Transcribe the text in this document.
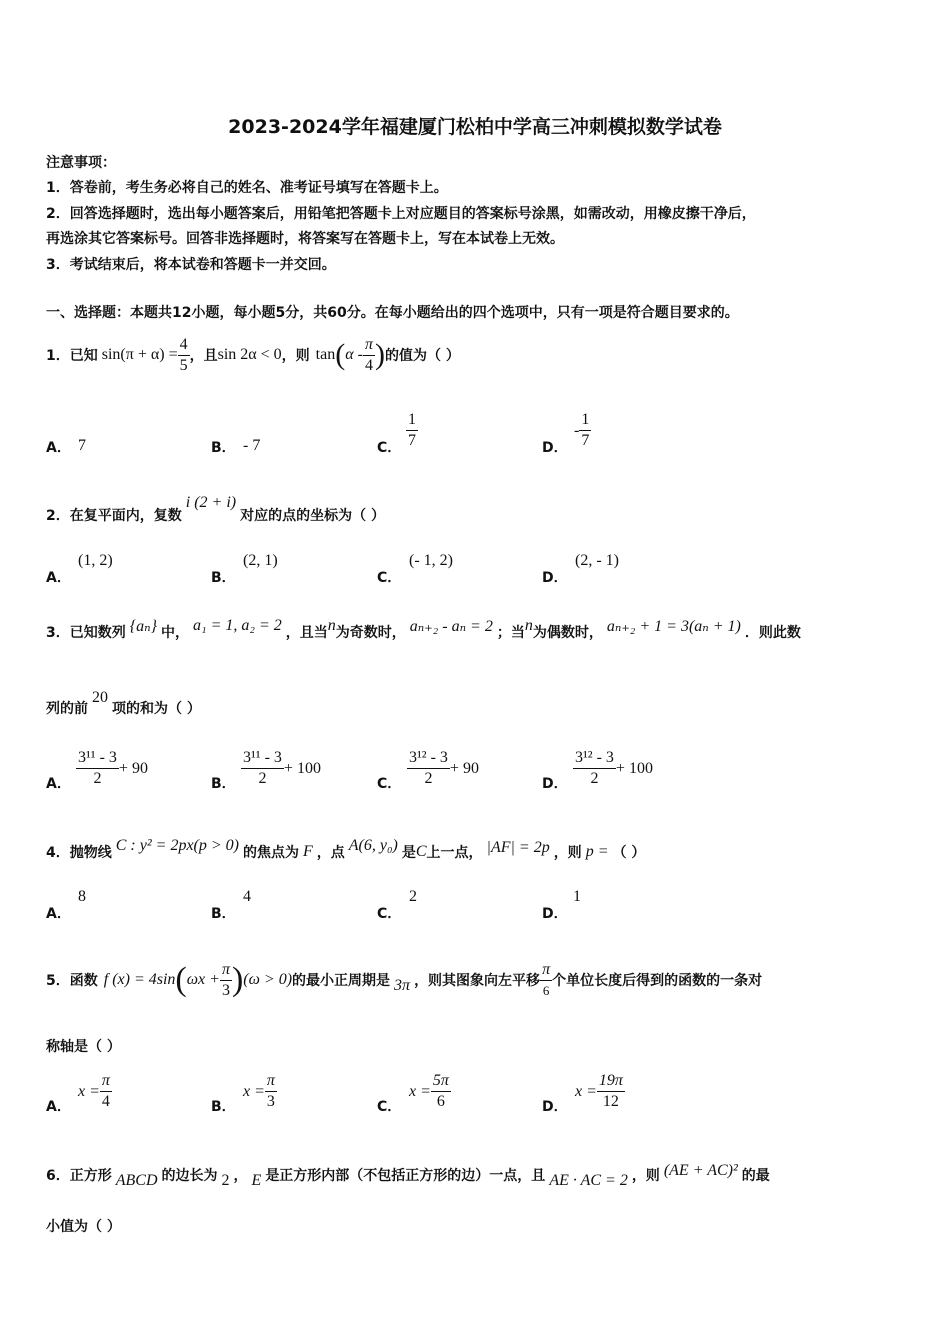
2023-2024学年福建厦门松柏中学高三冲刺模拟数学试卷
注意事项：
1．答卷前，考生务必将自己的姓名、准考证号填写在答题卡上。
2．回答选择题时，选出每小题答案后，用铅笔把答题卡上对应题目的答案标号涂黑，如需改动，用橡皮擦干净后，
再选涂其它答案标号。回答非选择题时，将答案写在答题卡上，写在本试卷上无效。
3．考试结束后，将本试卷和答题卡一并交回。
一、选择题：本题共12小题，每小题5分，共60分。在每小题给出的四个选项中，只有一项是符合题目要求的。
1．已知 $\sin(\pi + \alpha) = \frac{4}{5}$ ，且 sin 2α < 0 ，则 tan ( α - $\frac{\pi}{4}$ ) 的值为（ ）
A． 7	B． - 7	C． $\frac{1}{7}$	D．
- $\frac{1}{7}$
2．在复平面内，复数
i (2 + i)
对应的点的坐标为（ ）
A．
(1, 2)
B．
(2, 1)
C．
(- 1, 2)
D．
(2, - 1)
3．已知数列 {aₙ} 中， a₁ = 1, a₂ = 2 ，且当 n 为奇数时， aₙ₊₂ - aₙ = 2 ；当 n 为偶数时， aₙ₊₂ + 1 = 3(aₙ + 1) ．则此数
列的前
20
项的和为（ ）
A． $\frac{\text{3¹¹ - 3}}{2} + 90$
B． $\frac{\text{3¹¹ - 3}}{2} + 100$
C． $\frac{\text{3¹² - 3}}{2} + 90$
D． $\frac{\text{3¹² - 3}}{2} + 100$
4．抛物线 C : y² = 2px(p > 0) 的焦点为 F ，点 A(6, y₀) 是 C 上一点， |AF| = 2p ，则 p = （ ）
A．
8
B．
4
C．
2
D．
1
5．函数 f (x) = 4sin ( $\omega x + \frac{\pi}{3}$ ) (ω > 0) 的最小正周期是 3π ，则其图象向左平移 $\frac{\pi}{6}$ 个单位长度后得到的函数的一条对
称轴是（ ）
A．
$x = \frac{\pi}{4}$	B．
$x = \frac{\pi}{3}$	C．
$x = \frac{5\pi}{6}$	D．
$x = \frac{19\pi}{12}$
6．正方形 ABCD 的边长为 2 ， E 是正方形内部（不包括正方形的边）一点，且 AE · AC = 2 ，则 (AE + AC)² 的最
小值为（ ）
